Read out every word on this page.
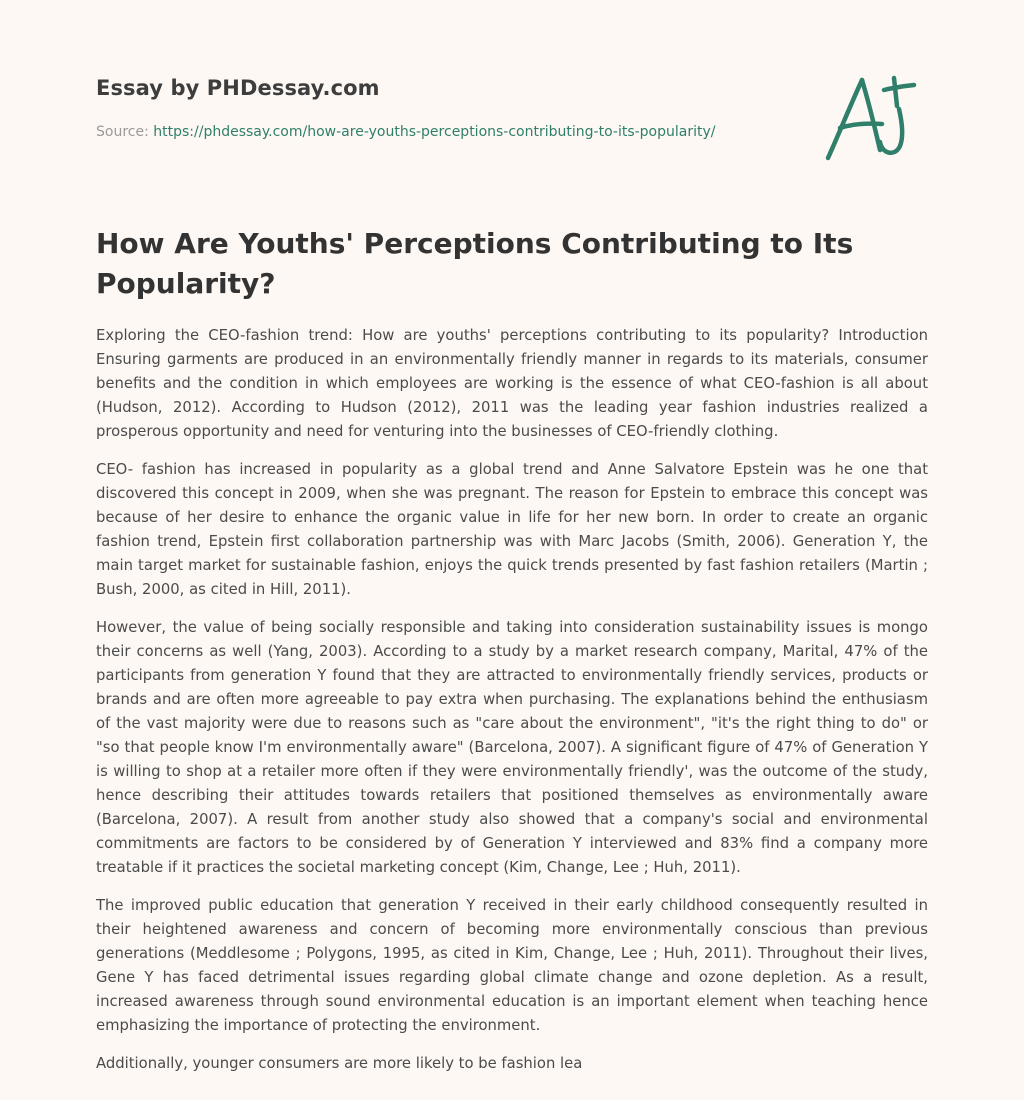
Essay by PHDessay.com
Source: https://phdessay.com/how-are-youths-perceptions-contributing-to-its-popularity/
How Are Youths' Perceptions Contributing to Its Popularity?

Exploring the CEO-fashion trend: How are youths' perceptions contributing to its popularity? Introduction Ensuring garments are produced in an environmentally friendly manner in regards to its materials, consumer benefits and the condition in which employees are working is the essence of what CEO-fashion is all about (Hudson, 2012). According to Hudson (2012), 2011 was the leading year fashion industries realized a prosperous opportunity and need for venturing into the businesses of CEO-friendly clothing.

CEO- fashion has increased in popularity as a global trend and Anne Salvatore Epstein was he one that discovered this concept in 2009, when she was pregnant. The reason for Epstein to embrace this concept was because of her desire to enhance the organic value in life for her new born. In order to create an organic fashion trend, Epstein first collaboration partnership was with Marc Jacobs (Smith, 2006). Generation Y, the main target market for sustainable fashion, enjoys the quick trends presented by fast fashion retailers (Martin ; Bush, 2000, as cited in Hill, 2011).

However, the value of being socially responsible and taking into consideration sustainability issues is mongo their concerns as well (Yang, 2003). According to a study by a market research company, Marital, 47% of the participants from generation Y found that they are attracted to environmentally friendly services, products or brands and are often more agreeable to pay extra when purchasing. The explanations behind the enthusiasm of the vast majority were due to reasons such as "care about the environment", "it's the right thing to do" or "so that people know I'm environmentally aware" (Barcelona, 2007). A significant figure of 47% of Generation Y is willing to shop at a retailer more often if they were environmentally friendly', was the outcome of the study, hence describing their attitudes towards retailers that positioned themselves as environmentally aware (Barcelona, 2007). A result from another study also showed that a company's social and environmental commitments are factors to be considered by of Generation Y interviewed and 83% find a company more treatable if it practices the societal marketing concept (Kim, Change, Lee ; Huh, 2011).

The improved public education that generation Y received in their early childhood consequently resulted in their heightened awareness and concern of becoming more environmentally conscious than previous generations (Meddlesome ; Polygons, 1995, as cited in Kim, Change, Lee ; Huh, 2011). Throughout their lives, Gene Y has faced detrimental issues regarding global climate change and ozone depletion. As a result, increased awareness through sound environmental education is an important element when teaching hence emphasizing the importance of protecting the environment.

Additionally, younger consumers are more likely to be fashion lea
